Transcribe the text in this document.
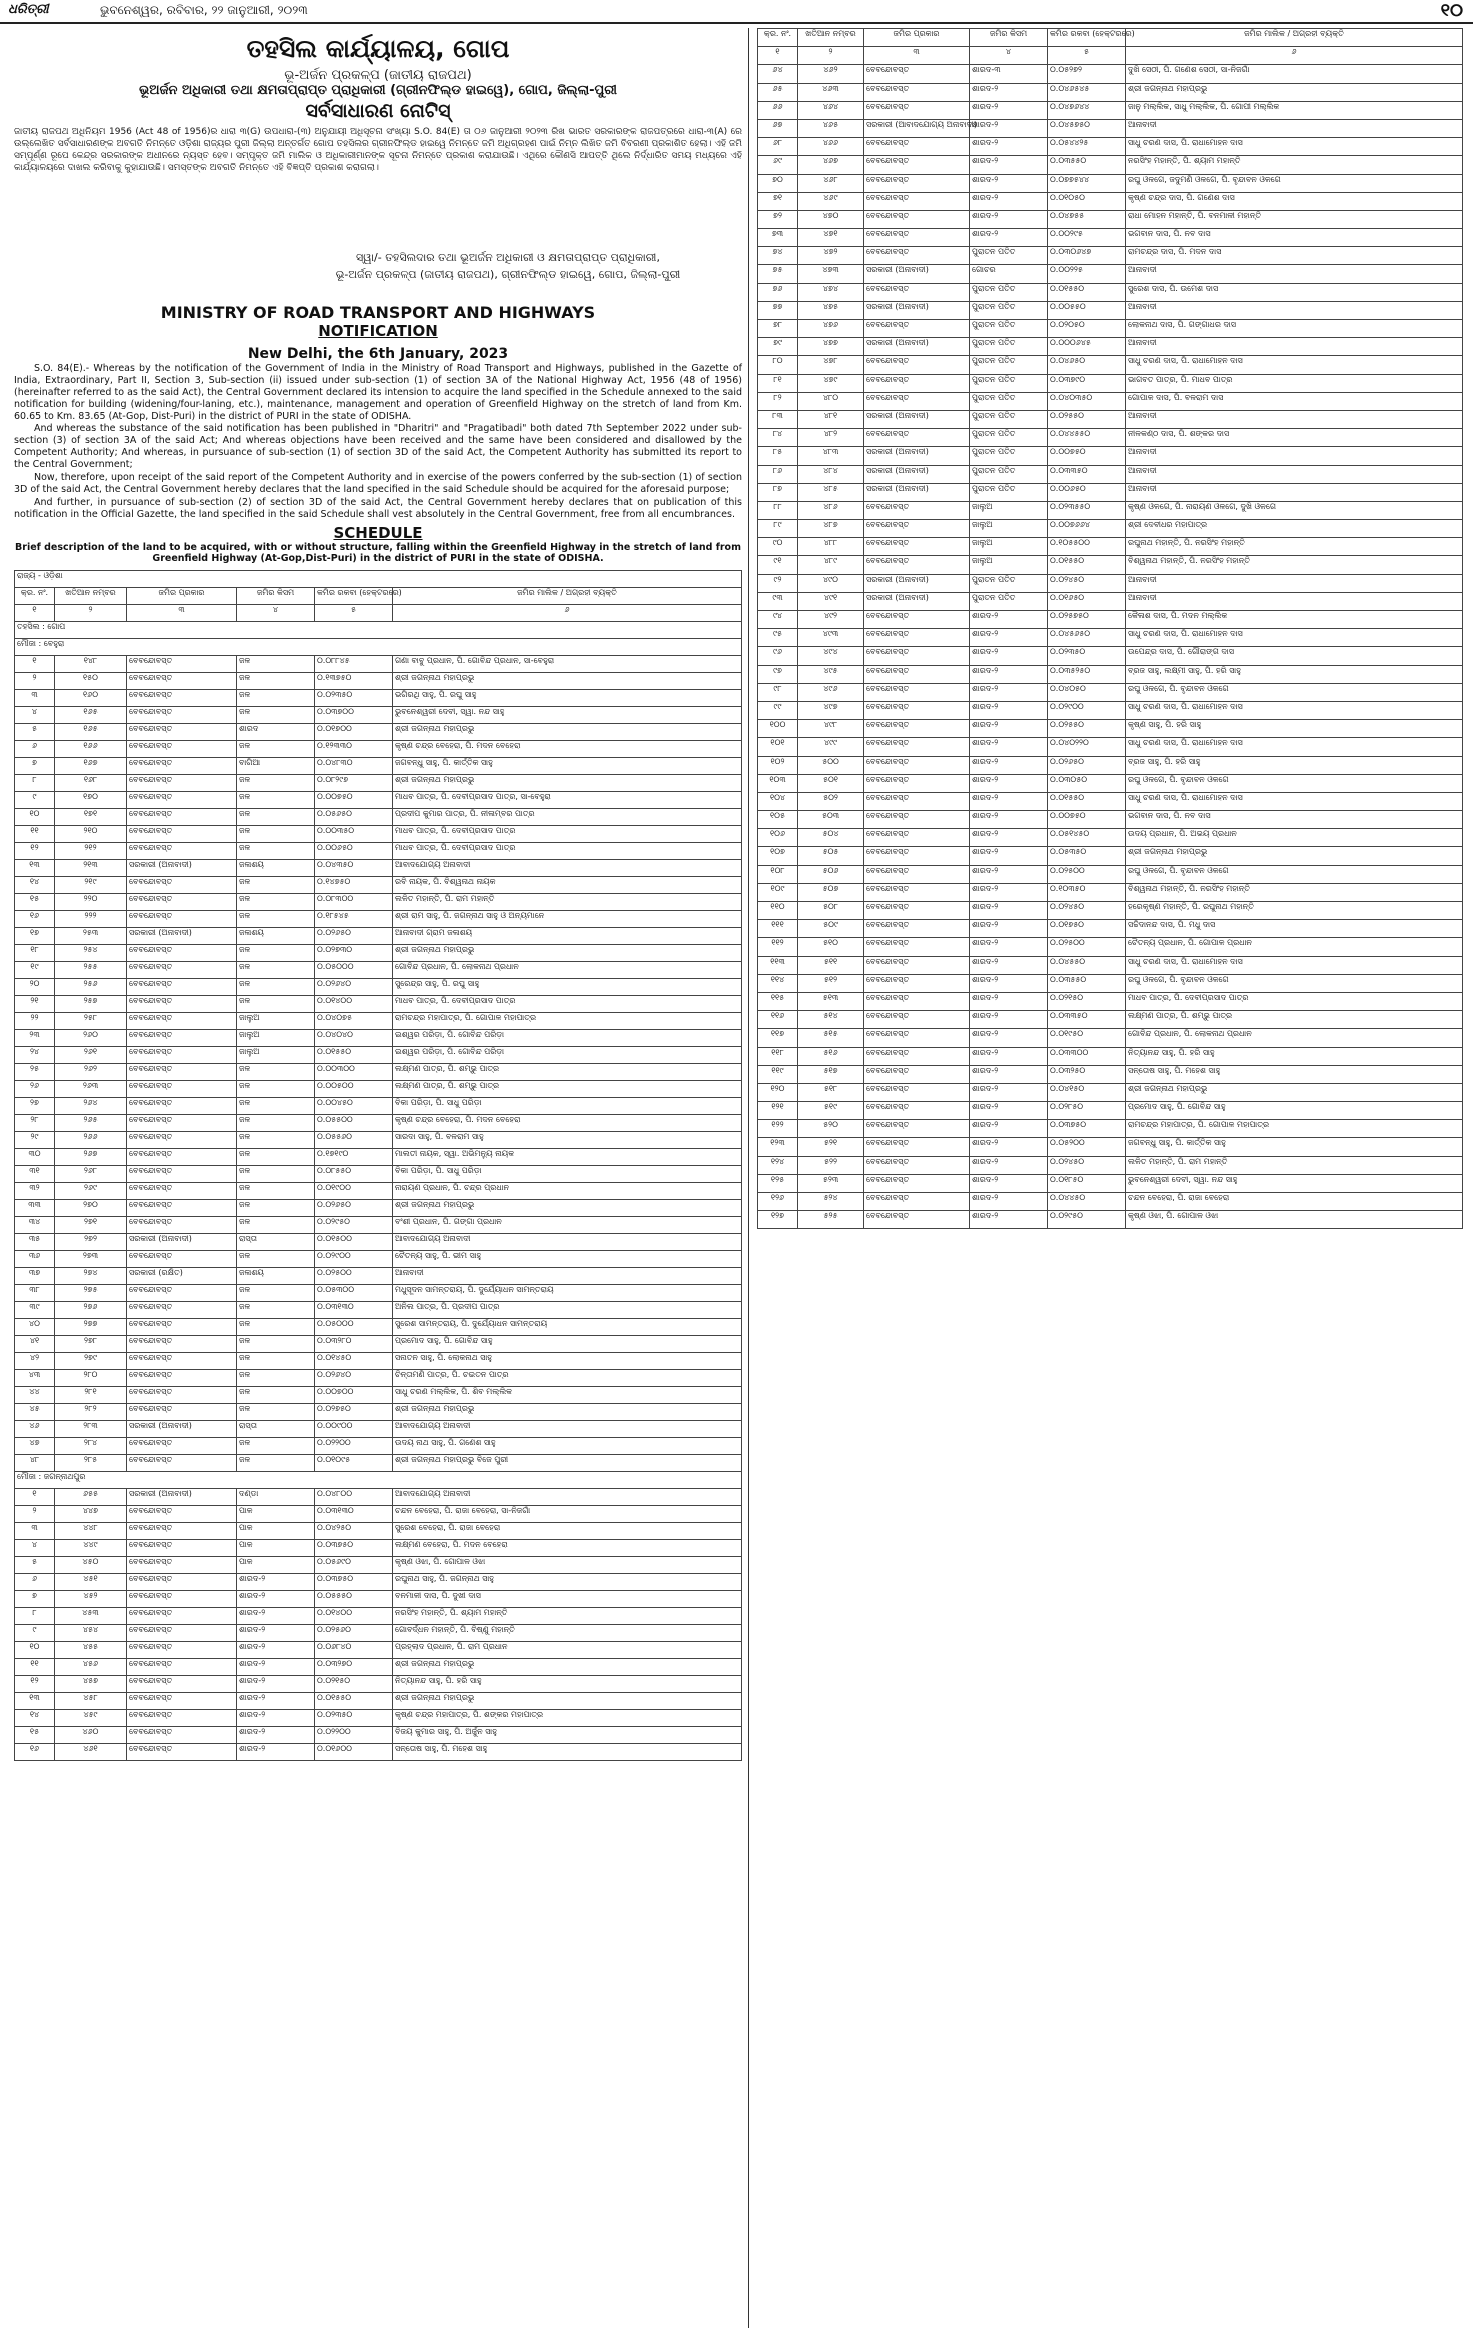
ଧରିତ୍ରୀ	ଭୁବନେଶ୍ୱର, ରବିବାର, ୨୨ ଜାନୁଆରୀ, ୨୦୨୩	୧୦
ତହସିଲ କାର୍ଯ୍ୟାଳୟ, ଗୋପ
ଭୂ-ଅର୍ଜନ ପ୍ରକଳ୍ପ (ଜାତୀୟ ରାଜପଥ)
ଭୂଅର୍ଜନ ଅଧିକାରୀ ତଥା କ୍ଷମତାପ୍ରାପ୍ତ ପ୍ରାଧିକାରୀ (ଗ୍ରୀନଫିଲ୍ଡ ହାଇୱେ), ଗୋପ, ଜିଲ୍ଲା-ପୁରୀ
ସର୍ବସାଧାରଣ ନୋଟିସ୍

ଜାତୀୟ ରାଜପଥ ଅଧିନିୟମ 1956 (Act 48 of 1956)ର ଧାରା ୩(G) ଉପଧାରା-(୩) ଅନୁଯାୟୀ ଅଧିସୂଚନା ସଂଖ୍ୟା S.O. 84(E) ତା ୦୬ ଜାନୁଆରୀ ୨୦୨୩ ରିଖ ଭାରତ ସରକାରଙ୍କ ରାଜପତ୍ରରେ ଧାରା-୩(A) ରେ ଉଲ୍ଲେଖିତ ସର୍ବସାଧାରଣଙ୍କ ଅବଗତି ନିମନ୍ତେ ଓଡ଼ିଶା ରାଜ୍ୟର ପୁରୀ ଜିଲ୍ଲା ଅନ୍ତର୍ଗତ ଗୋପ ତହସିଲର ଗ୍ରୀନଫିଲ୍ଡ ହାଇୱେ ନିମନ୍ତେ ଜମି ଅଧିଗ୍ରହଣ ପାଇଁ ନିମ୍ନ ଲିଖିତ ଜମି ବିବରଣୀ ପ୍ରକାଶିତ ହେଲା। ଏହି ଜମି ସମ୍ପୂର୍ଣ୍ଣ ରୂପେ କେନ୍ଦ୍ର ସରକାରଙ୍କ ଅଧୀନରେ ନ୍ୟସ୍ତ ହେବ। ସମ୍ପୃକ୍ତ ଜମି ମାଲିକ ଓ ଅଧିକାରୀମାନଙ୍କ ସୂଚନା ନିମନ୍ତେ ପ୍ରକାଶ କରାଯାଉଛି। ଏଥିରେ କୌଣସି ଆପତ୍ତି ଥିଲେ ନିର୍ଦ୍ଧାରିତ ସମୟ ମଧ୍ୟରେ ଏହି କାର୍ଯ୍ୟାଳୟରେ ଦାଖଲ କରିବାକୁ କୁହାଯାଉଛି। ସମସ୍ତଙ୍କ ଅବଗତି ନିମନ୍ତେ ଏହି ବିଜ୍ଞପ୍ତି ପ୍ରକାଶ କରାଗଲା।

ସ୍ୱା/- ତହସିଲଦାର ତଥା ଭୂଅର୍ଜନ ଅଧିକାରୀ ଓ କ୍ଷମତାପ୍ରାପ୍ତ ପ୍ରାଧିକାରୀ,
ଭୂ-ଅର୍ଜନ ପ୍ରକଳ୍ପ (ଜାତୀୟ ରାଜପଥ), ଗ୍ରୀନଫିଲ୍ଡ ହାଇୱେ, ଗୋପ, ଜିଲ୍ଲା-ପୁରୀ
MINISTRY OF ROAD TRANSPORT AND HIGHWAYS
NOTIFICATION
New Delhi, the 6th January, 2023

S.O. 84(E).- Whereas by the notification of the Government of India in the Ministry of Road Transport and Highways, published in the Gazette of India, Extraordinary, Part II, Section 3, Sub-section (ii) issued under sub-section (1) of section 3A of the National Highway Act, 1956 (48 of 1956) (hereinafter referred to as the said Act), the Central Government declared its intension to acquire the land specified in the Schedule annexed to the said notification for building (widening/four-laning, etc.), maintenance, management and operation of Greenfield Highway on the stretch of land from Km. 60.65 to Km. 83.65 (At-Gop, Dist-Puri) in the district of PURI in the state of ODISHA.

And whereas the substance of the said notification has been published in "Dharitri" and "Pragatibadi" both dated 7th September 2022 under sub-section (3) of section 3A of the said Act; And whereas objections have been received and the same have been considered and disallowed by the Competent Authority; And whereas, in pursuance of sub-section (1) of section 3D of the said Act, the Competent Authority has submitted its report to the Central Government;

Now, therefore, upon receipt of the said report of the Competent Authority and in exercise of the powers conferred by the sub-section (1) of section 3D of the said Act, the Central Government hereby declares that the land specified in the said Schedule should be acquired for the aforesaid purpose;

And further, in pursuance of sub-section (2) of section 3D of the said Act, the Central Government hereby declares that on publication of this notification in the Official Gazette, the land specified in the said Schedule shall vest absolutely in the Central Government, free from all encumbrances.

SCHEDULE
Brief description of the land to be acquired, with or without structure, falling within the Greenfield Highway in the stretch of land from
Greenfield Highway (At-Gop,Dist-Puri) in the district of PURI in the state of ODISHA.
ରାଜ୍ୟ - ଓଡ଼ିଶା					
କ୍ର. ନଂ.	ଖତିଆନ ନମ୍ବର	ଜମିର ପ୍ରକାର	ଜମିର କିସମ	କମିର ରକବା (ହେକ୍ଟରରେ)	ଜମିର ମାଲିକ / ଅଗ୍ରହୀ ବ୍ୟକ୍ତି
୧	୨	୩	୪	୫	୬
ତହସିଲ : ଗୋପ					
ମୌଜା : ବେହୁରା					
୧	୧୪୮	ବେବନ୍ଦୋବସ୍ତ	ଜଳ	୦.୦୮୮୪୫	ଗଣା ବାବୁ ପ୍ରଧାନ, ପି. ଗୋବିନ୍ଦ ପ୍ରଧାନ, ସା-ବେହୁରା
୨	୧୫୦	ବେବନ୍ଦୋବସ୍ତ	ଜଳ	୦.୧୩୭୫୦	ଶ୍ରୀ ଜଗନ୍ନାଥ ମହାପ୍ରଭୁ
୩	୧୬୦	ବେବନ୍ଦୋବସ୍ତ	ଜଳ	୦.୦୨୩୫୦	ଭଗିରଥି ସାହୁ, ପି. ରଘୁ ସାହୁ
୪	୧୬୫	ବେବନ୍ଦୋବସ୍ତ	ଜଳ	୦.୦୩୭୦୦	ଭୁବନେଶ୍ୱରୀ ଦେବୀ, ସ୍ୱା. ନନ୍ଦ ସାହୁ
୫	୧୬୫	ବେବନ୍ଦୋବସ୍ତ	ଶାରଦ	୦.୦୧୭୦୦	ଶ୍ରୀ ଜଗନ୍ନାଥ ମହାପ୍ରଭୁ
୬	୧୬୬	ବେବନ୍ଦୋବସ୍ତ	ଜଳ	୦.୧୨୩୩୦	କୃଷ୍ଣ ଚନ୍ଦ୍ର ବେହେରା, ପି. ମଦନ ବେହେରା
୭	୧୬୭	ବେବନ୍ଦୋବସ୍ତ	ବାଗିଆ	୦.୦୪୮୩୦	ଜଗବନ୍ଧୁ ସାହୁ, ପି. କାର୍ତ୍ତିକ ସାହୁ
୮	୧୬୮	ବେବନ୍ଦୋବସ୍ତ	ଜଳ	୦.୦୮୨୯୭	ଶ୍ରୀ ଜଗନ୍ନାଥ ମହାପ୍ରଭୁ
୯	୧୭୦	ବେବନ୍ଦୋବସ୍ତ	ଜଳ	୦.୦୦୭୫୦	ମାଧବ ପାତ୍ର, ପି. ଦେବୀପ୍ରସାଦ ପାତ୍ର, ସା-ବେହୁରା
୧୦	୧୭୧	ବେବନ୍ଦୋବସ୍ତ	ଜଳ	୦.୦୫୬୫୦	ପ୍ରଦୀପ କୁମାର ପାତ୍ର, ପି. ନୀଳାମ୍ବର ପାତ୍ର
୧୧	୨୧୦	ବେବନ୍ଦୋବସ୍ତ	ଜଳ	୦.୦୦୩୫୦	ମାଧବ ପାତ୍ର, ପି. ଦେବୀପ୍ରସାଦ ପାତ୍ର
୧୨	୨୧୨	ବେବନ୍ଦୋବସ୍ତ	ଜଳ	୦.୦୦୬୫୦	ମାଧବ ପାତ୍ର, ପି. ଦେବୀପ୍ରସାଦ ପାତ୍ର
୧୩	୨୧୩	ସରକାରୀ (ଅନାବାଦୀ)	ଜଳାଶୟ	୦.୦୪୩୫୦	ଆବାଦଯୋଗ୍ୟ ଅନାବାଦୀ
୧୪	୨୧୯	ବେବନ୍ଦୋବସ୍ତ	ଜଳ	୦.୧୪୭୫୦	ରବି ନାୟକ, ପି. ବିଶ୍ୱନାଥ ନାୟକ
୧୫	୨୨୦	ବେବନ୍ଦୋବସ୍ତ	ଜଳ	୦.୦୮୩୦୦	ଲଳିତ ମହାନ୍ତି, ପି. ରାମ ମହାନ୍ତି
୧୬	୨୨୨	ବେବନ୍ଦୋବସ୍ତ	ଜଳ	୦.୧୮୫୪୫	ଶ୍ରୀ ରାମ ସାହୁ, ପି. ଜଗନ୍ନାଥ ସାହୁ ଓ ଅନ୍ୟମାନେ
୧୭	୨୫୩	ସରକାରୀ (ଅନାବାଦୀ)	ଜଳାଶୟ	୦.୦୨୬୫୦	ଆନାବାଦୀ ଗ୍ରାମ ଜଳାଶୟ
୧୮	୨୫୪	ବେବନ୍ଦୋବସ୍ତ	ଜଳ	୦.୦୨୭୩୦	ଶ୍ରୀ ଜଗନ୍ନାଥ ମହାପ୍ରଭୁ
୧୯	୨୫୫	ବେବନ୍ଦୋବସ୍ତ	ଜଳ	୦.୦୫୦୦୦	ଗୋବିନ୍ଦ ପ୍ରଧାନ, ପି. ଲୋକନାଥ ପ୍ରଧାନ
୨୦	୨୫୬	ବେବନ୍ଦୋବସ୍ତ	ଜଳ	୦.୦୨୬୪୦	ସୁରେନ୍ଦ୍ର ସାହୁ, ପି. ରଘୁ ସାହୁ
୨୧	୨୫୭	ବେବନ୍ଦୋବସ୍ତ	ଜଳ	୦.୦୧୪୦୦	ମାଧବ ପାତ୍ର, ପି. ଦେବୀପ୍ରସାଦ ପାତ୍ର
୨୨	୨୫୮	ବେବନ୍ଦୋବସ୍ତ	ଜାଲୁଅ	୦.୦୪୦୭୫	ରାମଚନ୍ଦ୍ର ମହାପାତ୍ର, ପି. ଗୋପାଳ ମହାପାତ୍ର
୨୩	୨୬୦	ବେବନ୍ଦୋବସ୍ତ	ଜାଲୁଅ	୦.୦୪୦୪୦	ଇଶ୍ୱର ପରିଡ଼ା, ପି. ଗୋବିନ୍ଦ ପରିଡ଼ା
୨୪	୨୬୧	ବେବନ୍ଦୋବସ୍ତ	ଜାଲୁଅ	୦.୦୧୫୫୦	ଇଶ୍ୱର ପରିଡ଼ା, ପି. ଗୋବିନ୍ଦ ପରିଡ଼ା
୨୫	୨୬୨	ବେବନ୍ଦୋବସ୍ତ	ଜଳ	୦.୦୦୩୦୦	ଲକ୍ଷ୍ମଣ ପାତ୍ର, ପି. ଶମ୍ଭୁ ପାତ୍ର
୨୬	୨୬୩	ବେବନ୍ଦୋବସ୍ତ	ଜଳ	୦.୦୦୫୦୦	ଲକ୍ଷ୍ମଣ ପାତ୍ର, ପି. ଶମ୍ଭୁ ପାତ୍ର
୨୭	୨୬୪	ବେବନ୍ଦୋବସ୍ତ	ଜଳ	୦.୦୦୪୫୦	ବିକା ପରିଡ଼ା, ପି. ସାଧୁ ପରିଡ଼ା
୨୮	୨୬୫	ବେବନ୍ଦୋବସ୍ତ	ଜଳ	୦.୦୫୫୦୦	କୃଷ୍ଣ ଚନ୍ଦ୍ର ବେହେରା, ପି. ମଦନ ବେହେରା
୨୯	୨୬୬	ବେବନ୍ଦୋବସ୍ତ	ଜଳ	୦.୦୫୫୬୦	ସାରଦା ସାହୁ, ପି. ବଳରାମ ସାହୁ
୩୦	୨୬୭	ବେବନ୍ଦୋବସ୍ତ	ଜଳ	୦.୧୭୧୯୦	ମାଲତୀ ନାୟକ, ସ୍ୱା. ଅଭିମନ୍ୟୁ ନାୟକ
୩୧	୨୬୮	ବେବନ୍ଦୋବସ୍ତ	ଜଳ	୦.୦୮୫୫୦	ବିକା ପରିଡ଼ା, ପି. ସାଧୁ ପରିଡ଼ା
୩୨	୨୬୯	ବେବନ୍ଦୋବସ୍ତ	ଜଳ	୦.୦୧୯୦୦	ନାରାୟଣ ପ୍ରଧାନ, ପି. ଚନ୍ଦ୍ର ପ୍ରଧାନ
୩୩	୨୭୦	ବେବନ୍ଦୋବସ୍ତ	ଜଳ	୦.୦୨୬୫୦	ଶ୍ରୀ ଜଗନ୍ନାଥ ମହାପ୍ରଭୁ
୩୪	୨୭୧	ବେବନ୍ଦୋବସ୍ତ	ଜଳ	୦.୦୨୯୫୦	ବଂଶୀ ପ୍ରଧାନ, ପି. ଗଙ୍ଗା ପ୍ରଧାନ
୩୫	୨୭୨	ସରକାରୀ (ଅନାବାଦୀ)	ରାସ୍ତା	୦.୦୧୫୦୦	ଆବାଦଯୋଗ୍ୟ ଅନାବାଦୀ
୩୬	୨୭୩	ବେବନ୍ଦୋବସ୍ତ	ଜଳ	୦.୦୨୯୦୦	ଚୈତନ୍ୟ ସାହୁ, ପି. ଭୀମ ସାହୁ
୩୭	୨୭୪	ସରକାରୀ (ରକ୍ଷିତ)	ଜଳାଶୟ	୦.୦୨୫୦୦	ଆନାବାଦୀ
୩୮	୨୭୫	ବେବନ୍ଦୋବସ୍ତ	ଜଳ	୦.୦୫୩୦୦	ମଧୁସୂଦନ ସାମନ୍ତରାୟ, ପି. ଦୁର୍ଯ୍ୟୋଧନ ସାମନ୍ତରାୟ
୩୯	୨୭୬	ବେବନ୍ଦୋବସ୍ତ	ଜଳ	୦.୦୩୧୩୦	ଅନିଲ ପାତ୍ର, ପି. ପ୍ରଦୀପ ପାତ୍ର
୪୦	୨୭୭	ବେବନ୍ଦୋବସ୍ତ	ଜଳ	୦.୦୫୦୦୦	ସୁରେଶ ସାମନ୍ତରାୟ, ପି. ଦୁର୍ଯ୍ୟୋଧନ ସାମନ୍ତରାୟ
୪୧	୨୭୮	ବେବନ୍ଦୋବସ୍ତ	ଜଳ	୦.୦୩୨୮୦	ପ୍ରମୋଦ ସାହୁ, ପି. ଗୋବିନ୍ଦ ସାହୁ
୪୨	୨୭୯	ବେବନ୍ଦୋବସ୍ତ	ଜଳ	୦.୦୧୪୫୦	ସନାତନ ସାହୁ, ପି. ଲୋକନାଥ ସାହୁ
୪୩	୨୮୦	ବେବନ୍ଦୋବସ୍ତ	ଜଳ	୦.୦୨୬୪୦	ଚିନ୍ତାମଣି ପାତ୍ର, ପି. ଚଇତନ ପାତ୍ର
୪୪	୨୮୧	ବେବନ୍ଦୋବସ୍ତ	ଜଳ	୦.୦୦୭୦୦	ସାଧୁ ଚରଣ ମଲ୍ଲିକ, ପି. ଶିବ ମଲ୍ଲିକ
୪୫	୨୮୨	ବେବନ୍ଦୋବସ୍ତ	ଜଳ	୦.୦୨୭୫୦	ଶ୍ରୀ ଜଗନ୍ନାଥ ମହାପ୍ରଭୁ
୪୬	୨୮୩	ସରକାରୀ (ଅନାବାଦୀ)	ରାସ୍ତା	୦.୦୦୯୦୦	ଆବାଦଯୋଗ୍ୟ ଅନାବାଦୀ
୪୭	୨୮୪	ବେବନ୍ଦୋବସ୍ତ	ଜଳ	୦.୦୨୨୦୦	ଉଦୟ ନାଥ ସାହୁ, ପି. ଗଣେଶ ସାହୁ
୪୮	୨୮୫	ବେବନ୍ଦୋବସ୍ତ	ଜଳ	୦.୦୧୦୯୫	ଶ୍ରୀ ଜଗନ୍ନାଥ ମହାପ୍ରଭୁ ବିଜେ ପୁରୀ
ମୌଜା : ଜଗନ୍ନାଥପୁର					
୧	୬୫୫	ସରକାରୀ (ଅନାବାଦୀ)	ଦଣ୍ଡା	୦.୦୪୮୦୦	ଆବାଦଯୋଗ୍ୟ ଅନାବାଦୀ
୨	୪୪୭	ବେବନ୍ଦୋବସ୍ତ	ପାଳ	୦.୦୩୧୩୦	ଚନ୍ଦନ ବେହେରା, ପି. ରାଜା ବେହେରା, ସା-ନିଜଗାଁ
୩	୪୪୮	ବେବନ୍ଦୋବସ୍ତ	ପାଳ	୦.୦୪୨୫୦	ସୁରେଶ ବେହେରା, ପି. ରାଜା ବେହେରା
୪	୪୪୯	ବେବନ୍ଦୋବସ୍ତ	ପାଳ	୦.୦୩୭୫୦	ଲକ୍ଷ୍ମଣ ବେହେରା, ପି. ମଦନ ବେହେରା
୫	୪୫୦	ବେବନ୍ଦୋବସ୍ତ	ପାଳ	୦.୦୫୬୯୦	କୃଷ୍ଣ ଓଝା, ପି. ଗୋପାଳ ଓଝା
୬	୪୫୧	ବେବନ୍ଦୋବସ୍ତ	ଶାରଦ-୨	୦.୦୩୭୫୦	ରଘୁନାଥ ସାହୁ, ପି. ଜଗନ୍ନାଥ ସାହୁ
୭	୪୫୨	ବେବନ୍ଦୋବସ୍ତ	ଶାରଦ-୨	୦.୦୫୫୫୦	ବନମାଳୀ ଦାସ, ପି. ଦୁଖୀ ଦାସ
୮	୪୫୩	ବେବନ୍ଦୋବସ୍ତ	ଶାରଦ-୨	୦.୦୧୪୦୦	ନରସିଂହ ମହାନ୍ତି, ପି. ଶ୍ୟାମ ମହାନ୍ତି
୯	୪୫୪	ବେବନ୍ଦୋବସ୍ତ	ଶାରଦ-୨	୦.୦୨୫୬୦	ଗୋବର୍ଦ୍ଧନ ମହାନ୍ତି, ପି. ବିଷ୍ଣୁ ମହାନ୍ତି
୧୦	୪୫୫	ବେବନ୍ଦୋବସ୍ତ	ଶାରଦ-୨	୦.୦୬୮୪୦	ପ୍ରହ୍ଲାଦ ପ୍ରଧାନ, ପି. ରାମ ପ୍ରଧାନ
୧୧	୪୫୬	ବେବନ୍ଦୋବସ୍ତ	ଶାରଦ-୨	୦.୦୩୨୭୦	ଶ୍ରୀ ଜଗନ୍ନାଥ ମହାପ୍ରଭୁ
୧୨	୪୫୭	ବେବନ୍ଦୋବସ୍ତ	ଶାରଦ-୨	୦.୦୨୧୫୦	ନିତ୍ୟାନନ୍ଦ ସାହୁ, ପି. ହରି ସାହୁ
୧୩	୪୫୮	ବେବନ୍ଦୋବସ୍ତ	ଶାରଦ-୨	୦.୦୧୫୫୦	ଶ୍ରୀ ଜଗନ୍ନାଥ ମହାପ୍ରଭୁ
୧୪	୪୫୯	ବେବନ୍ଦୋବସ୍ତ	ଶାରଦ-୨	୦.୦୨୩୫୦	କୃଷ୍ଣ ଚନ୍ଦ୍ର ମହାପାତ୍ର, ପି. ଶଙ୍କର ମହାପାତ୍ର
୧୫	୪୬୦	ବେବନ୍ଦୋବସ୍ତ	ଶାରଦ-୨	୦.୦୨୨୦୦	ବିଜୟ କୁମାର ସାହୁ, ପି. ଅର୍ଜୁନ ସାହୁ
୧୬	୪୬୧	ବେବନ୍ଦୋବସ୍ତ	ଶାରଦ-୨	୦.୦୧୬୦୦	ସନ୍ତୋଷ ସାହୁ, ପି. ମହେଶ ସାହୁ
କ୍ର. ନଂ.	ଖତିଆନ ନମ୍ବର	ଜମିର ପ୍ରକାର	ଜମିର କିସମ	କମିର ରକବା (ହେକ୍ଟରରେ)	ଜମିର ମାଲିକ / ଅଗ୍ରହୀ ବ୍ୟକ୍ତି
୧	୨	୩	୪	୫	୬
୬୪	୪୬୨	ବେବନ୍ଦୋବସ୍ତ	ଶାରଦ-୩	୦.୦୫୨୭୨	ଦୁଖି ସେଠୀ, ପି. ଗଣେଶ ସେଠୀ, ସା-ନିଜଗାଁ
୬୫	୪୬୩	ବେବନ୍ଦୋବସ୍ତ	ଶାରଦ-୨	୦.୦୪୬୫୪୫	ଶ୍ରୀ ଜଗନ୍ନାଥ ମହାପ୍ରଭୁ
୬୬	୪୬୪	ବେବନ୍ଦୋବସ୍ତ	ଶାରଦ-୨	୦.୦୪୭୬୪୪	ଜାନୁ ମଲ୍ଲିକ, ସାଧୁ ମଲ୍ଲିକ, ପି. ଗୋପୀ ମଲ୍ଲିକ
୬୭	୪୬୫	ସରକାରୀ (ଆବାଦଯୋଗ୍ୟ ଅନାବାଦୀ)	ଶାରଦ-୨	୦.୦୪୫୭୫୦	ଆନାବାଦୀ
୬୮	୪୬୬	ବେବନ୍ଦୋବସ୍ତ	ଶାରଦ-୨	୦.୦୫୪୪୨୫	ସାଧୁ ଚରଣ ଦାସ, ପି. ରାଧାମୋହନ ଦାସ
୬୯	୪୬୭	ବେବନ୍ଦୋବସ୍ତ	ଶାରଦ-୨	୦.୦୩୫୫୦	ନରସିଂହ ମହାନ୍ତି, ପି. ଶ୍ୟାମ ମହାନ୍ତି
୭୦	୪୬୮	ବେବନ୍ଦୋବସ୍ତ	ଶାରଦ-୨	୦.୦୭୭୫୪୪	ରଘୁ ଓଳଗେ, ଜଦୁମଣି ଓଳଗେ, ପି. ବୃନ୍ଦାବନ ଓଳଗେ
୭୧	୪୬୯	ବେବନ୍ଦୋବସ୍ତ	ଶାରଦ-୨	୦.୦୧୦୫୦	କୃଷ୍ଣ ଚନ୍ଦ୍ର ଦାସ, ପି. ଗଣେଶ ଦାସ
୭୨	୪୭୦	ବେବନ୍ଦୋବସ୍ତ	ଶାରଦ-୨	୦.୦୪୭୫୫	ରାଧା ମୋହନ ମହାନ୍ତି, ପି. ବନମାଳୀ ମହାନ୍ତି
୭୩	୪୭୧	ବେବନ୍ଦୋବସ୍ତ	ଶାରଦ-୨	୦.୦୦୨୯୫	ଭଗବାନ ଦାସ, ପି. ନବ ଦାସ
୭୪	୪୭୨	ବେବନ୍ଦୋବସ୍ତ	ପୁରାତନ ପତିତ	୦.୦୩୦୬୪୭	ରାମଚନ୍ଦ୍ର ଦାସ, ପି. ମଦନ ଦାସ
୭୫	୪୭୩	ସରକାରୀ (ଅନାବାଦୀ)	ଗୋଚର	୦.୦୦୨୨୫	ଆନାବାଦୀ
୭୬	୪୭୪	ବେବନ୍ଦୋବସ୍ତ	ପୁରାତନ ପତିତ	୦.୦୧୫୫୦	ସୁରେଶ ଦାସ, ପି. ଉମେଶ ଦାସ
୭୭	୪୭୫	ସରକାରୀ (ଅନାବାଦୀ)	ପୁରାତନ ପତିତ	୦.୦୦୫୫୦	ଆନାବାଦୀ
୭୮	୪୭୬	ବେବନ୍ଦୋବସ୍ତ	ପୁରାତନ ପତିତ	୦.୦୨୦୫୦	ଲୋକନାଥ ଦାସ, ପି. ଗଙ୍ଗାଧର ଦାସ
୭୯	୪୭୭	ସରକାରୀ (ଅନାବାଦୀ)	ପୁରାତନ ପତିତ	୦.୦୦୦୬୪୫	ଆନାବାଦୀ
୮୦	୪୭୮	ବେବନ୍ଦୋବସ୍ତ	ପୁରାତନ ପତିତ	୦.୦୪୬୫୦	ସାଧୁ ଚରଣ ଦାସ, ପି. ରାଧାମୋହନ ଦାସ
୮୧	୪୭୯	ବେବନ୍ଦୋବସ୍ତ	ପୁରାତନ ପତିତ	୦.୦୩୭୯୦	ଭାଗବତ ପାତ୍ର, ପି. ମାଧବ ପାତ୍ର
୮୨	୪୮୦	ବେବନ୍ଦୋବସ୍ତ	ପୁରାତନ ପତିତ	୦.୦୪୦୩୫୦	ଗୋପାଳ ଦାସ, ପି. ବଳରାମ ଦାସ
୮୩	୪୮୧	ସରକାରୀ (ଅନାବାଦୀ)	ପୁରାତନ ପତିତ	୦.୦୨୫୫୦	ଆନାବାଦୀ
୮୪	୪୮୨	ବେବନ୍ଦୋବସ୍ତ	ପୁରାତନ ପତିତ	୦.୦୪୪୫୫୦	ନୀଳକଣ୍ଠ ଦାସ, ପି. ଶଙ୍କର ଦାସ
୮୫	୪୮୩	ସରକାରୀ (ଅନାବାଦୀ)	ପୁରାତନ ପତିତ	୦.୦୦୭୫୦	ଆନାବାଦୀ
୮୬	୪୮୪	ସରକାରୀ (ଅନାବାଦୀ)	ପୁରାତନ ପତିତ	୦.୦୩୩୫୦	ଆନାବାଦୀ
୮୭	୪୮୫	ସରକାରୀ (ଅନାବାଦୀ)	ପୁରାତନ ପତିତ	୦.୦୦୬୫୦	ଆନାବାଦୀ
୮୮	୪୮୬	ବେବନ୍ଦୋବସ୍ତ	ଜାଲୁଅ	୦.୦୨୩୫୫୦	କୃଷ୍ଣ ଓଳଗେ, ପି. ନାରାୟଣ ଓଳଗେ, ଦୁଖି ଓଳଗେ
୮୯	୪୮୭	ବେବନ୍ଦୋବସ୍ତ	ଜାଲୁଅ	୦.୦୦୭୬୬୪	ଶ୍ରୀ ଦେବୀଧର ମହାପାତ୍ର
୯୦	୪୮୮	ବେବନ୍ଦୋବସ୍ତ	ଜାଲୁଅ	୦.୧୦୫୫୦୦	ରଘୁନାଥ ମହାନ୍ତି, ପି. ନରସିଂହ ମହାନ୍ତି
୯୧	୪୮୯	ବେବନ୍ଦୋବସ୍ତ	ଜାଲୁଅ	୦.୦୧୫୫୦	ବିଶ୍ୱନାଥ ମହାନ୍ତି, ପି. ନରସିଂହ ମହାନ୍ତି
୯୨	୪୯୦	ସରକାରୀ (ଅନାବାଦୀ)	ପୁରାତନ ପତିତ	୦.୦୨୪୫୦	ଆନାବାଦୀ
୯୩	୪୯୧	ସରକାରୀ (ଅନାବାଦୀ)	ପୁରାତନ ପତିତ	୦.୦୧୬୫୦	ଆନାବାଦୀ
୯୪	୪୯୨	ବେବନ୍ଦୋବସ୍ତ	ଶାରଦ-୨	୦.୦୨୫୭୫୦	କୈଳାଶ ଦାସ, ପି. ମଦନ ମଲ୍ଲିକ
୯୫	୪୯୩	ବେବନ୍ଦୋବସ୍ତ	ଶାରଦ-୨	୦.୦୪୫୬୫୦	ସାଧୁ ଚରଣ ଦାସ, ପି. ରାଧାମୋହନ ଦାସ
୯୬	୪୯୪	ବେବନ୍ଦୋବସ୍ତ	ଶାରଦ-୨	୦.୦୨୩୫୦	ଉପେନ୍ଦ୍ର ଦାସ, ପି. ଗୌରାଙ୍ଗ ଦାସ
୯୭	୪୯୫	ବେବନ୍ଦୋବସ୍ତ	ଶାରଦ-୨	୦.୦୩୫୨୫୦	ବ୍ରଜ ସାହୁ, ଲକ୍ଷ୍ମୀ ସାହୁ, ପି. ହରି ସାହୁ
୯୮	୪୯୬	ବେବନ୍ଦୋବସ୍ତ	ଶାରଦ-୨	୦.୦୪୦୫୦	ରଘୁ ଓଳଗେ, ପି. ବୃନ୍ଦାବନ ଓଳଗେ
୯୯	୪୯୭	ବେବନ୍ଦୋବସ୍ତ	ଶାରଦ-୨	୦.୦୨୯୦୦	ସାଧୁ ଚରଣ ଦାସ, ପି. ରାଧାମୋହନ ଦାସ
୧୦୦	୪୯୮	ବେବନ୍ଦୋବସ୍ତ	ଶାରଦ-୨	୦.୦୨୫୫୦	କୃଷ୍ଣ ସାହୁ, ପି. ହରି ସାହୁ
୧୦୧	୪୯୯	ବେବନ୍ଦୋବସ୍ତ	ଶାରଦ-୨	୦.୦୪୦୨୨୦	ସାଧୁ ଚରଣ ଦାସ, ପି. ରାଧାମୋହନ ଦାସ
୧୦୨	୫୦୦	ବେବନ୍ଦୋବସ୍ତ	ଶାରଦ-୨	୦.୦୨୬୫୦	ବ୍ରଜ ସାହୁ, ପି. ହରି ସାହୁ
୧୦୩	୫୦୧	ବେବନ୍ଦୋବସ୍ତ	ଶାରଦ-୨	୦.୦୩୦୫୦	ରଘୁ ଓଳଗେ, ପି. ବୃନ୍ଦାବନ ଓଳଗେ
୧୦୪	୫୦୨	ବେବନ୍ଦୋବସ୍ତ	ଶାରଦ-୨	୦.୦୧୫୫୦	ସାଧୁ ଚରଣ ଦାସ, ପି. ରାଧାମୋହନ ଦାସ
୧୦୫	୫୦୩	ବେବନ୍ଦୋବସ୍ତ	ଶାରଦ-୨	୦.୦୦୭୫୦	ଭଗବାନ ଦାସ, ପି. ନବ ଦାସ
୧୦୬	୫୦୪	ବେବନ୍ଦୋବସ୍ତ	ଶାରଦ-୨	୦.୦୫୧୪୫୦	ଉଦୟ ପ୍ରଧାନ, ପି. ଅଭୟ ପ୍ରଧାନ
୧୦୭	୫୦୫	ବେବନ୍ଦୋବସ୍ତ	ଶାରଦ-୨	୦.୦୫୩୫୦	ଶ୍ରୀ ଜଗନ୍ନାଥ ମହାପ୍ରଭୁ
୧୦୮	୫୦୬	ବେବନ୍ଦୋବସ୍ତ	ଶାରଦ-୨	୦.୦୨୫୦୦	ରଘୁ ଓଳଗେ, ପି. ବୃନ୍ଦାବନ ଓଳଗେ
୧୦୯	୫୦୭	ବେବନ୍ଦୋବସ୍ତ	ଶାରଦ-୨	୦.୧୦୩୫୦	ବିଶ୍ୱନାଥ ମହାନ୍ତି, ପି. ନରସିଂହ ମହାନ୍ତି
୧୧୦	୫୦୮	ବେବନ୍ଦୋବସ୍ତ	ଶାରଦ-୨	୦.୦୨୪୫୦	ହରେକୃଷ୍ଣ ମହାନ୍ତି, ପି. ରଘୁନାଥ ମହାନ୍ତି
୧୧୧	୫୦୯	ବେବନ୍ଦୋବସ୍ତ	ଶାରଦ-୨	୦.୦୧୭୫୦	ସଚ୍ଚିଦାନନ୍ଦ ଦାସ, ପି. ମଧୁ ଦାସ
୧୧୨	୫୧୦	ବେବନ୍ଦୋବସ୍ତ	ଶାରଦ-୨	୦.୦୨୫୦୦	ଚୈତନ୍ୟ ପ୍ରଧାନ, ପି. ଗୋପାଳ ପ୍ରଧାନ
୧୧୩	୫୧୧	ବେବନ୍ଦୋବସ୍ତ	ଶାରଦ-୨	୦.୦୪୫୫୦	ସାଧୁ ଚରଣ ଦାସ, ପି. ରାଧାମୋହନ ଦାସ
୧୧୪	୫୧୨	ବେବନ୍ଦୋବସ୍ତ	ଶାରଦ-୨	୦.୦୩୫୫୦	ରଘୁ ଓଳଗେ, ପି. ବୃନ୍ଦାବନ ଓଳଗେ
୧୧୫	୫୧୩	ବେବନ୍ଦୋବସ୍ତ	ଶାରଦ-୨	୦.୦୨୧୫୦	ମାଧବ ପାତ୍ର, ପି. ଦେବୀପ୍ରସାଦ ପାତ୍ର
୧୧୬	୫୧୪	ବେବନ୍ଦୋବସ୍ତ	ଶାରଦ-୨	୦.୦୩୩୫୦	ଲକ୍ଷ୍ମଣ ପାତ୍ର, ପି. ଶମ୍ଭୁ ପାତ୍ର
୧୧୭	୫୧୫	ବେବନ୍ଦୋବସ୍ତ	ଶାରଦ-୨	୦.୦୧୯୫୦	ଗୋବିନ୍ଦ ପ୍ରଧାନ, ପି. ଲୋକନାଥ ପ୍ରଧାନ
୧୧୮	୫୧୬	ବେବନ୍ଦୋବସ୍ତ	ଶାରଦ-୨	୦.୦୩୩୦୦	ନିତ୍ୟାନନ୍ଦ ସାହୁ, ପି. ହରି ସାହୁ
୧୧୯	୫୧୭	ବେବନ୍ଦୋବସ୍ତ	ଶାରଦ-୨	୦.୦୩୨୫୦	ସନ୍ତୋଷ ସାହୁ, ପି. ମହେଶ ସାହୁ
୧୨୦	୫୧୮	ବେବନ୍ଦୋବସ୍ତ	ଶାରଦ-୨	୦.୦୪୧୫୦	ଶ୍ରୀ ଜଗନ୍ନାଥ ମହାପ୍ରଭୁ
୧୨୧	୫୧୯	ବେବନ୍ଦୋବସ୍ତ	ଶାରଦ-୨	୦.୦୨୮୫୦	ପ୍ରମୋଦ ସାହୁ, ପି. ଗୋବିନ୍ଦ ସାହୁ
୧୨୨	୫୨୦	ବେବନ୍ଦୋବସ୍ତ	ଶାରଦ-୨	୦.୦୩୭୫୦	ରାମଚନ୍ଦ୍ର ମହାପାତ୍ର, ପି. ଗୋପାଳ ମହାପାତ୍ର
୧୨୩	୫୨୧	ବେବନ୍ଦୋବସ୍ତ	ଶାରଦ-୨	୦.୦୫୨୦୦	ଜଗବନ୍ଧୁ ସାହୁ, ପି. କାର୍ତ୍ତିକ ସାହୁ
୧୨୪	୫୨୨	ବେବନ୍ଦୋବସ୍ତ	ଶାରଦ-୨	୦.୦୨୪୫୦	ଲଳିତ ମହାନ୍ତି, ପି. ରାମ ମହାନ୍ତି
୧୨୫	୫୨୩	ବେବନ୍ଦୋବସ୍ତ	ଶାରଦ-୨	୦.୦୧୮୫୦	ଭୁବନେଶ୍ୱରୀ ଦେବୀ, ସ୍ୱା. ନନ୍ଦ ସାହୁ
୧୨୬	୫୨୪	ବେବନ୍ଦୋବସ୍ତ	ଶାରଦ-୨	୦.୦୪୪୫୦	ଚନ୍ଦନ ବେହେରା, ପି. ରାଜା ବେହେରା
୧୨୭	୫୨୫	ବେବନ୍ଦୋବସ୍ତ	ଶାରଦ-୨	୦.୦୨୯୫୦	କୃଷ୍ଣ ଓଝା, ପି. ଗୋପାଳ ଓଝା
